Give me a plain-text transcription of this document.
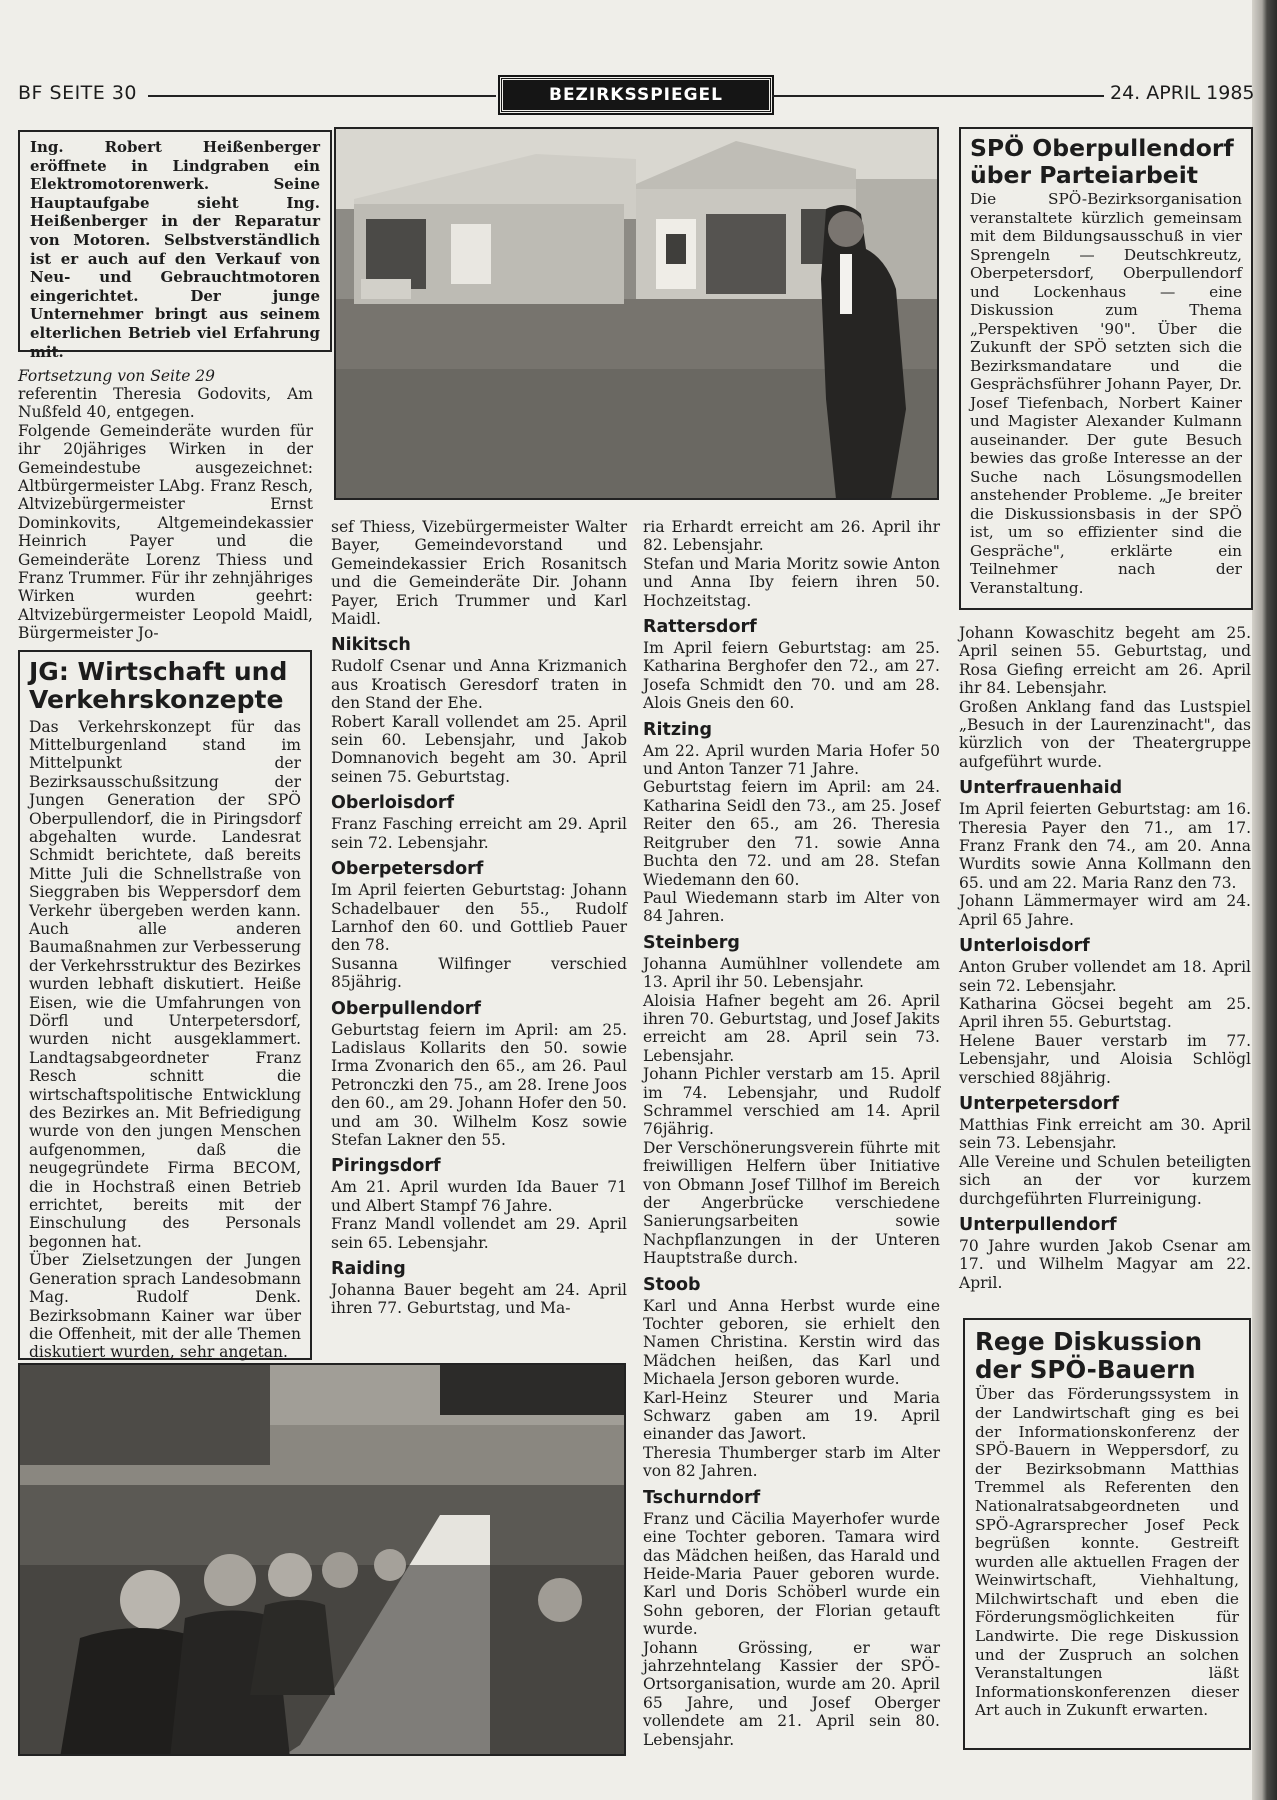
BF SEITE 30	BEZIRKSSPIEGEL	24. APRIL 1985
Ing. Robert Heißenberger eröffnete in Lindgraben ein Elektromotorenwerk. Seine Hauptaufgabe sieht Ing. Heißenberger in der Reparatur von Motoren. Selbstverständlich ist er auch auf den Verkauf von Neu- und Gebrauchtmotoren eingerichtet. Der junge Unternehmer bringt aus seinem elterlichen Betrieb viel Erfahrung mit.
Fortsetzung von Seite 29
referentin Theresia Godovits, Am Nußfeld 40, entgegen.
Folgende Gemeinderäte wurden für ihr 20jähriges Wirken in der Gemeindestube ausgezeichnet: Altbürgermeister LAbg. Franz Resch, Altvizebürgermeister Ernst Dominkovits, Altgemeindekassier Heinrich Payer und die Gemeinderäte Lorenz Thiess und Franz Trummer. Für ihr zehnjähriges Wirken wurden geehrt: Altvizebürgermeister Leopold Maidl, Bürgermeister Jo-
JG: Wirtschaft und Verkehrskonzepte
Das Verkehrskonzept für das Mittelburgenland stand im Mittelpunkt der Bezirksausschußsitzung der Jungen Generation der SPÖ Oberpullendorf, die in Piringsdorf abgehalten wurde. Landesrat Schmidt berichtete, daß bereits Mitte Juli die Schnellstraße von Sieggraben bis Weppersdorf dem Verkehr übergeben werden kann. Auch alle anderen Baumaßnahmen zur Verbesserung der Verkehrsstruktur des Bezirkes wurden lebhaft diskutiert. Heiße Eisen, wie die Umfahrungen von Dörfl und Unterpetersdorf, wurden nicht ausgeklammert. Landtagsabgeordneter Franz Resch schnitt die wirtschaftspolitische Entwicklung des Bezirkes an. Mit Befriedigung wurde von den jungen Menschen aufgenommen, daß die neugegründete Firma BECOM, die in Hochstraß einen Betrieb errichtet, bereits mit der Einschulung des Personals begonnen hat.
Über Zielsetzungen der Jungen Generation sprach Landesobmann Mag. Rudolf Denk. Bezirksobmann Kainer war über die Offenheit, mit der alle Themen diskutiert wurden, sehr angetan.
sef Thiess, Vizebürgermeister Walter Bayer, Gemeindevorstand und Gemeindekassier Erich Rosanitsch und die Gemeinderäte Dir. Johann Payer, Erich Trummer und Karl Maidl.
Nikitsch
Rudolf Csenar und Anna Krizmanich aus Kroatisch Geresdorf traten in den Stand der Ehe.
Robert Karall vollendet am 25. April sein 60. Lebensjahr, und Jakob Domnanovich begeht am 30. April seinen 75. Geburtstag.
Oberloisdorf
Franz Fasching erreicht am 29. April sein 72. Lebensjahr.
Oberpetersdorf
Im April feierten Geburtstag: Johann Schadelbauer den 55., Rudolf Larnhof den 60. und Gottlieb Pauer den 78.
Susanna Wilfinger verschied 85jährig.
Oberpullendorf
Geburtstag feiern im April: am 25. Ladislaus Kollarits den 50. sowie Irma Zvonarich den 65., am 26. Paul Petronczki den 75., am 28. Irene Joos den 60., am 29. Johann Hofer den 50. und am 30. Wilhelm Kosz sowie Stefan Lakner den 55.
Piringsdorf
Am 21. April wurden Ida Bauer 71 und Albert Stampf 76 Jahre.
Franz Mandl vollendet am 29. April sein 65. Lebensjahr.
Raiding
Johanna Bauer begeht am 24. April ihren 77. Geburtstag, und Ma-
ria Erhardt erreicht am 26. April ihr 82. Lebensjahr.
Stefan und Maria Moritz sowie Anton und Anna Iby feiern ihren 50. Hochzeitstag.
Rattersdorf
Im April feiern Geburtstag: am 25. Katharina Berghofer den 72., am 27. Josefa Schmidt den 70. und am 28. Alois Gneis den 60.
Ritzing
Am 22. April wurden Maria Hofer 50 und Anton Tanzer 71 Jahre.
Geburtstag feiern im April: am 24. Katharina Seidl den 73., am 25. Josef Reiter den 65., am 26. Theresia Reitgruber den 71. sowie Anna Buchta den 72. und am 28. Stefan Wiedemann den 60.
Paul Wiedemann starb im Alter von 84 Jahren.
Steinberg
Johanna Aumühlner vollendete am 13. April ihr 50. Lebensjahr.
Aloisia Hafner begeht am 26. April ihren 70. Geburtstag, und Josef Jakits erreicht am 28. April sein 73. Lebensjahr.
Johann Pichler verstarb am 15. April im 74. Lebensjahr, und Rudolf Schrammel verschied am 14. April 76jährig.
Der Verschönerungsverein führte mit freiwilligen Helfern über Initiative von Obmann Josef Tillhof im Bereich der Angerbrücke verschiedene Sanierungsarbeiten sowie Nachpflanzungen in der Unteren Hauptstraße durch.
Stoob
Karl und Anna Herbst wurde eine Tochter geboren, sie erhielt den Namen Christina. Kerstin wird das Mädchen heißen, das Karl und Michaela Jerson geboren wurde.
Karl-Heinz Steurer und Maria Schwarz gaben am 19. April einander das Jawort.
Theresia Thumberger starb im Alter von 82 Jahren.
Tschurndorf
Franz und Cäcilia Mayerhofer wurde eine Tochter geboren. Tamara wird das Mädchen heißen, das Harald und Heide-Maria Pauer geboren wurde. Karl und Doris Schöberl wurde ein Sohn geboren, der Florian getauft wurde.
Johann Grössing, er war jahrzehntelang Kassier der SPÖ-Ortsorganisation, wurde am 20. April 65 Jahre, und Josef Oberger vollendete am 21. April sein 80. Lebensjahr.
SPÖ Oberpullendorf über Parteiarbeit
Die SPÖ-Bezirksorganisation veranstaltete kürzlich gemeinsam mit dem Bildungsausschuß in vier Sprengeln — Deutschkreutz, Oberpetersdorf, Oberpullendorf und Lockenhaus — eine Diskussion zum Thema „Perspektiven '90". Über die Zukunft der SPÖ setzten sich die Bezirksmandatare und die Gesprächsführer Johann Payer, Dr. Josef Tiefenbach, Norbert Kainer und Magister Alexander Kulmann auseinander. Der gute Besuch bewies das große Interesse an der Suche nach Lösungsmodellen anstehender Probleme. „Je breiter die Diskussionsbasis in der SPÖ ist, um so effizienter sind die Gespräche", erklärte ein Teilnehmer nach der Veranstaltung.
Johann Kowaschitz begeht am 25. April seinen 55. Geburtstag, und Rosa Giefing erreicht am 26. April ihr 84. Lebensjahr.
Großen Anklang fand das Lustspiel „Besuch in der Laurenzinacht", das kürzlich von der Theatergruppe aufgeführt wurde.
Unterfrauenhaid
Im April feierten Geburtstag: am 16. Theresia Payer den 71., am 17. Franz Frank den 74., am 20. Anna Wurdits sowie Anna Kollmann den 65. und am 22. Maria Ranz den 73.
Johann Lämmermayer wird am 24. April 65 Jahre.
Unterloisdorf
Anton Gruber vollendet am 18. April sein 72. Lebensjahr.
Katharina Göcsei begeht am 25. April ihren 55. Geburtstag.
Helene Bauer verstarb im 77. Lebensjahr, und Aloisia Schlögl verschied 88jährig.
Unterpetersdorf
Matthias Fink erreicht am 30. April sein 73. Lebensjahr.
Alle Vereine und Schulen beteiligten sich an der vor kurzem durchgeführten Flurreinigung.
Unterpullendorf
70 Jahre wurden Jakob Csenar am 17. und Wilhelm Magyar am 22. April.
Rege Diskussion der SPÖ-Bauern
Über das Förderungssystem in der Landwirtschaft ging es bei der Informationskonferenz der SPÖ-Bauern in Weppersdorf, zu der Bezirksobmann Matthias Tremmel als Referenten den Nationalratsabgeordneten und SPÖ-Agrarsprecher Josef Peck begrüßen konnte. Gestreift wurden alle aktuellen Fragen der Weinwirtschaft, Viehhaltung, Milchwirtschaft und eben die Förderungsmöglichkeiten für Landwirte. Die rege Diskussion und der Zuspruch an solchen Veranstaltungen läßt Informationskonferenzen dieser Art auch in Zukunft erwarten.
